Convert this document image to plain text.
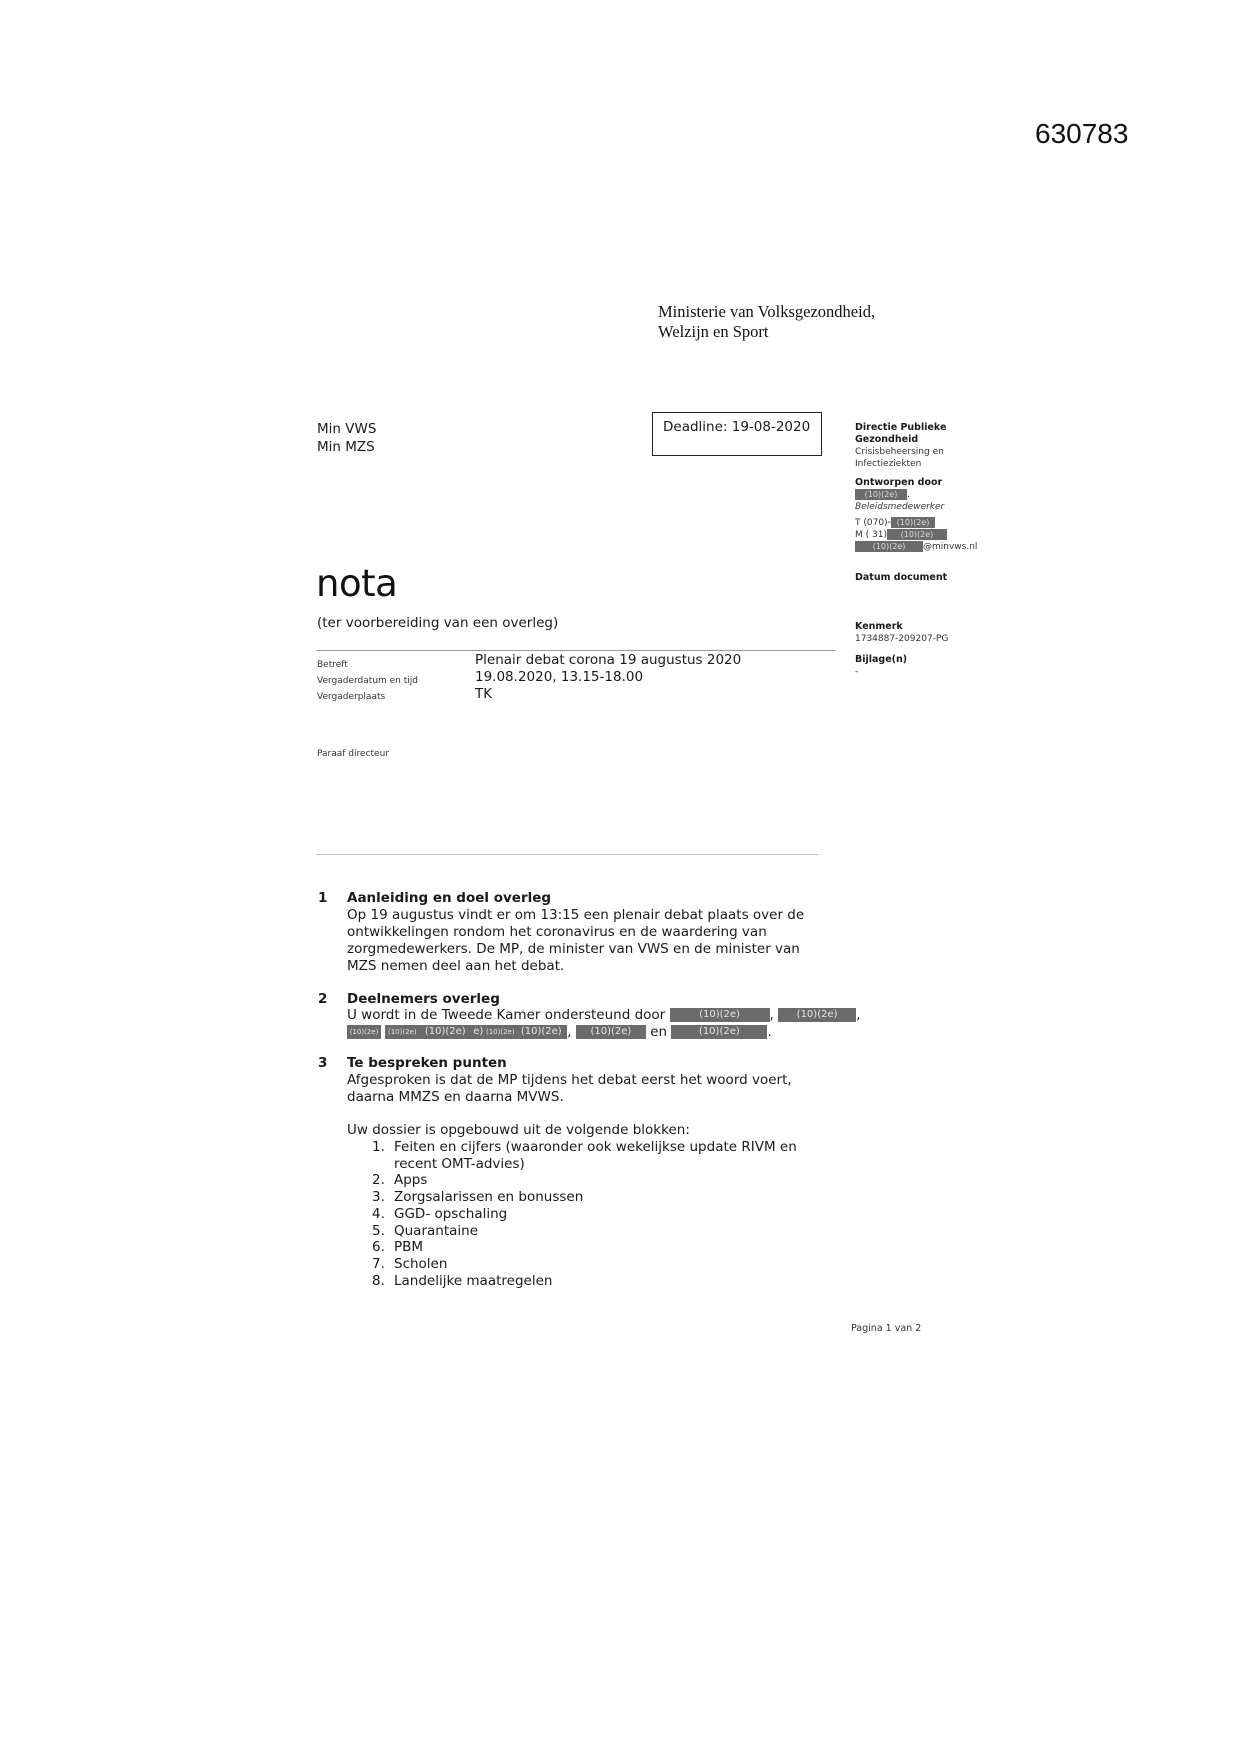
630783
Ministerie van Volksgezondheid,
Welzijn en Sport
Min VWS
Min MZS
Deadline: 19-08-2020	Directie Publieke
Gezondheid
Crisisbeheersing en
Infectieziekten
Ontworpen door
(10)(2e) .
Beleidsmedewerker
T (070)- (10)(2e)
M ( 31) (10)(2e)
(10)(2e) @minvws.nl
Datum document
Kenmerk
1734887-209207-PG
Bijlage(n)
-
nota
(ter voorbereiding van een overleg)
Betreft	Plenair debat corona 19 augustus 2020
Vergaderdatum en tijd	19.08.2020, 13.15-18.00
Vergaderplaats	TK
Paraaf directeur
1 Aanleiding en doel overleg
Op 19 augustus vindt er om 13:15 een plenair debat plaats over de ontwikkelingen rondom het coronavirus en de waardering van zorgmedewerkers. De MP, de minister van VWS en de minister van MZS nemen deel aan het debat.
2 Deelnemers overleg
U wordt in de Tweede Kamer ondersteund door	(10)(2e) , (10)(2e) ,
(10)(2e) (10)(2e) (10)(2e) e) (10)(2e) (10)(2e) , (10)(2e) en	(10)(2e) .
3 Te bespreken punten
Afgesproken is dat de MP tijdens het debat eerst het woord voert, daarna MMZS en daarna MVWS.
Uw dossier is opgebouwd uit de volgende blokken:
1. Feiten en cijfers (waaronder ook wekelijkse update RIVM en recent OMT-advies)
2. Apps
3. Zorgsalarissen en bonussen
4. GGD- opschaling
5. Quarantaine
6. PBM
7. Scholen
8. Landelijke maatregelen
Pagina 1 van 2
